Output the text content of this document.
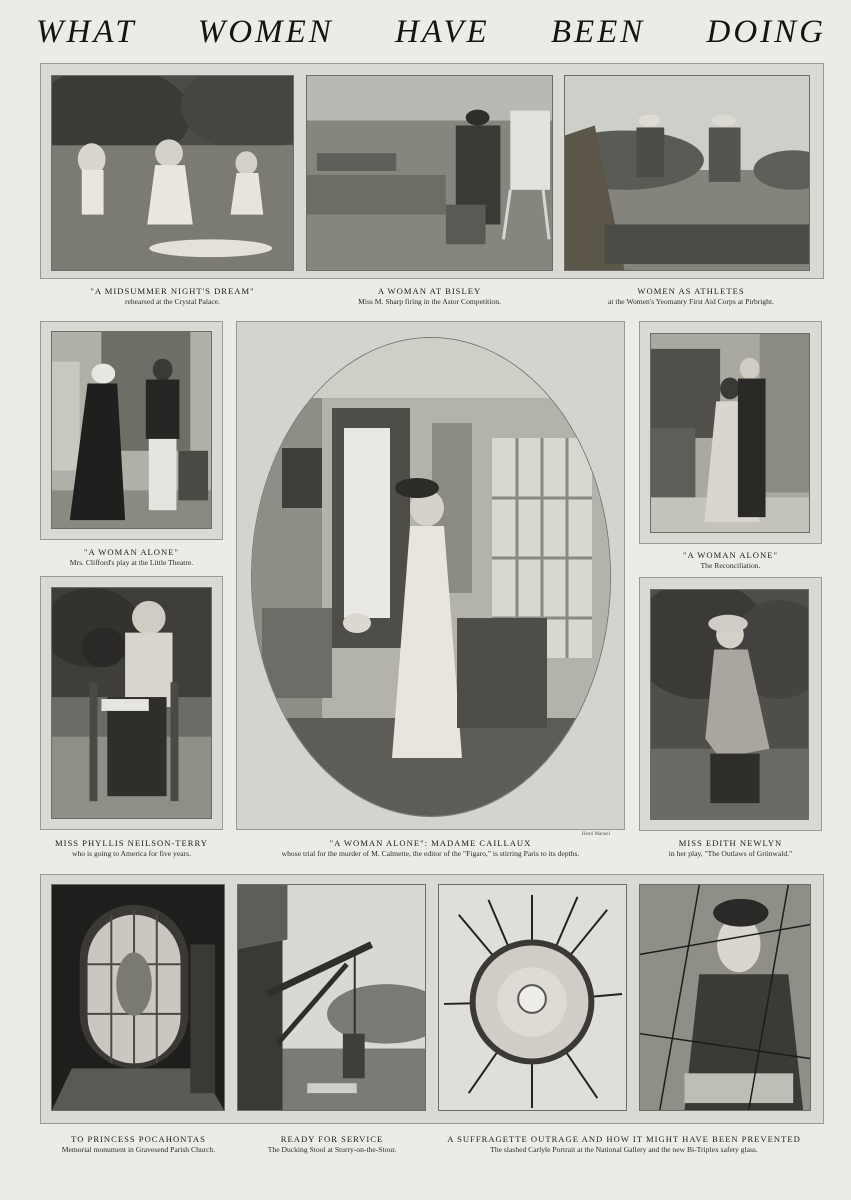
WHAT WOMEN HAVE BEEN DOING
"A MIDSUMMER NIGHT'S DREAM"
rehearsed at the Crystal Palace.
A WOMAN AT BISLEY
Miss M. Sharp firing in the Astor Competition.
WOMEN AS ATHLETES
at the Women's Yeomanry First Aid Corps at Pirbright.
"A WOMAN ALONE"
Mrs. Clifford's play at the Little Theatre.
MISS PHYLLIS NEILSON-TERRY
who is going to America for five years.
Henri Manuel
"A WOMAN ALONE": MADAME CAILLAUX
whose trial for the murder of M. Calmette, the editor of the "Figaro," is stirring Paris to its depths.
"A WOMAN ALONE"
The Reconciliation.
MISS EDITH NEWLYN
in her play, "The Outlaws of Grünwald."
TO PRINCESS POCAHONTAS
Memorial monument in Gravesend Parish Church.
READY FOR SERVICE
The Ducking Stool at Sturry-on-the-Stour.
A SUFFRAGETTE OUTRAGE AND HOW IT MIGHT HAVE BEEN PREVENTED
The slashed Carlyle Portrait at the National Gallery and the new Bi-Triplex safety glass.
